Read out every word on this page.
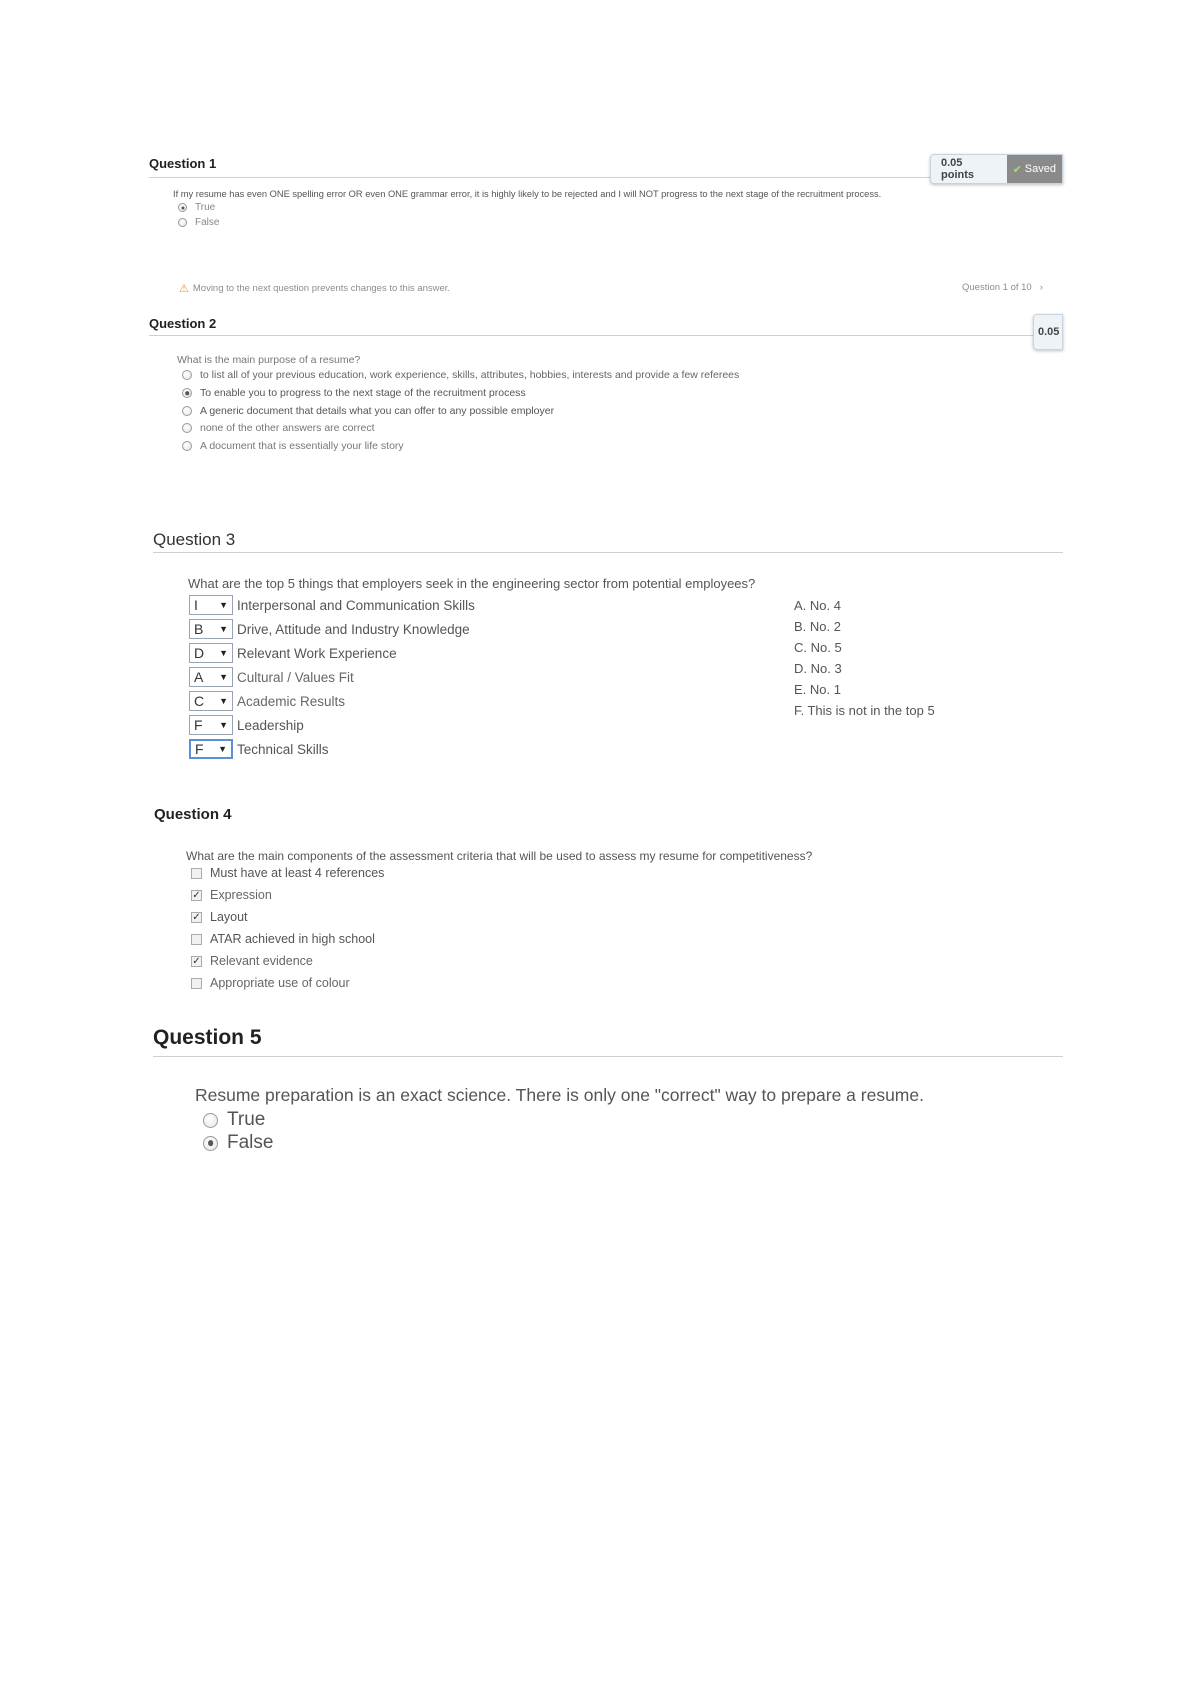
Question 1	0.05 points	✔ Saved
If my resume has even ONE spelling error OR even ONE grammar error, it is highly likely to be rejected and I will NOT progress to the next stage of the recruitment process.
True
False
⚠ Moving to the next question prevents changes to this answer.	Question 1 of 10 ›
Question 2
0.05
What is the main purpose of a resume?
to list all of your previous education, work experience, skills, attributes, hobbies, interests and provide a few referees
To enable you to progress to the next stage of the recruitment process
A generic document that details what you can offer to any possible employer
none of the other answers are correct
A document that is essentially your life story
Question 3
What are the top 5 things that employers seek in the engineering sector from potential employees?
I ▼ Interpersonal and Communication Skills
B ▼ Drive, Attitude and Industry Knowledge
D ▼ Relevant Work Experience
A ▼ Cultural / Values Fit
C ▼ Academic Results
F ▼ Leadership
F ▼ Technical Skills
A. No. 4
B. No. 2
C. No. 5
D. No. 3
E. No. 1
F. This is not in the top 5
Question 4
What are the main components of the assessment criteria that will be used to assess my resume for competitiveness?
Must have at least 4 references
✓ Expression
✓ Layout
ATAR achieved in high school
✓ Relevant evidence
Appropriate use of colour
Question 5
Resume preparation is an exact science. There is only one "correct" way to prepare a resume.
True
False
